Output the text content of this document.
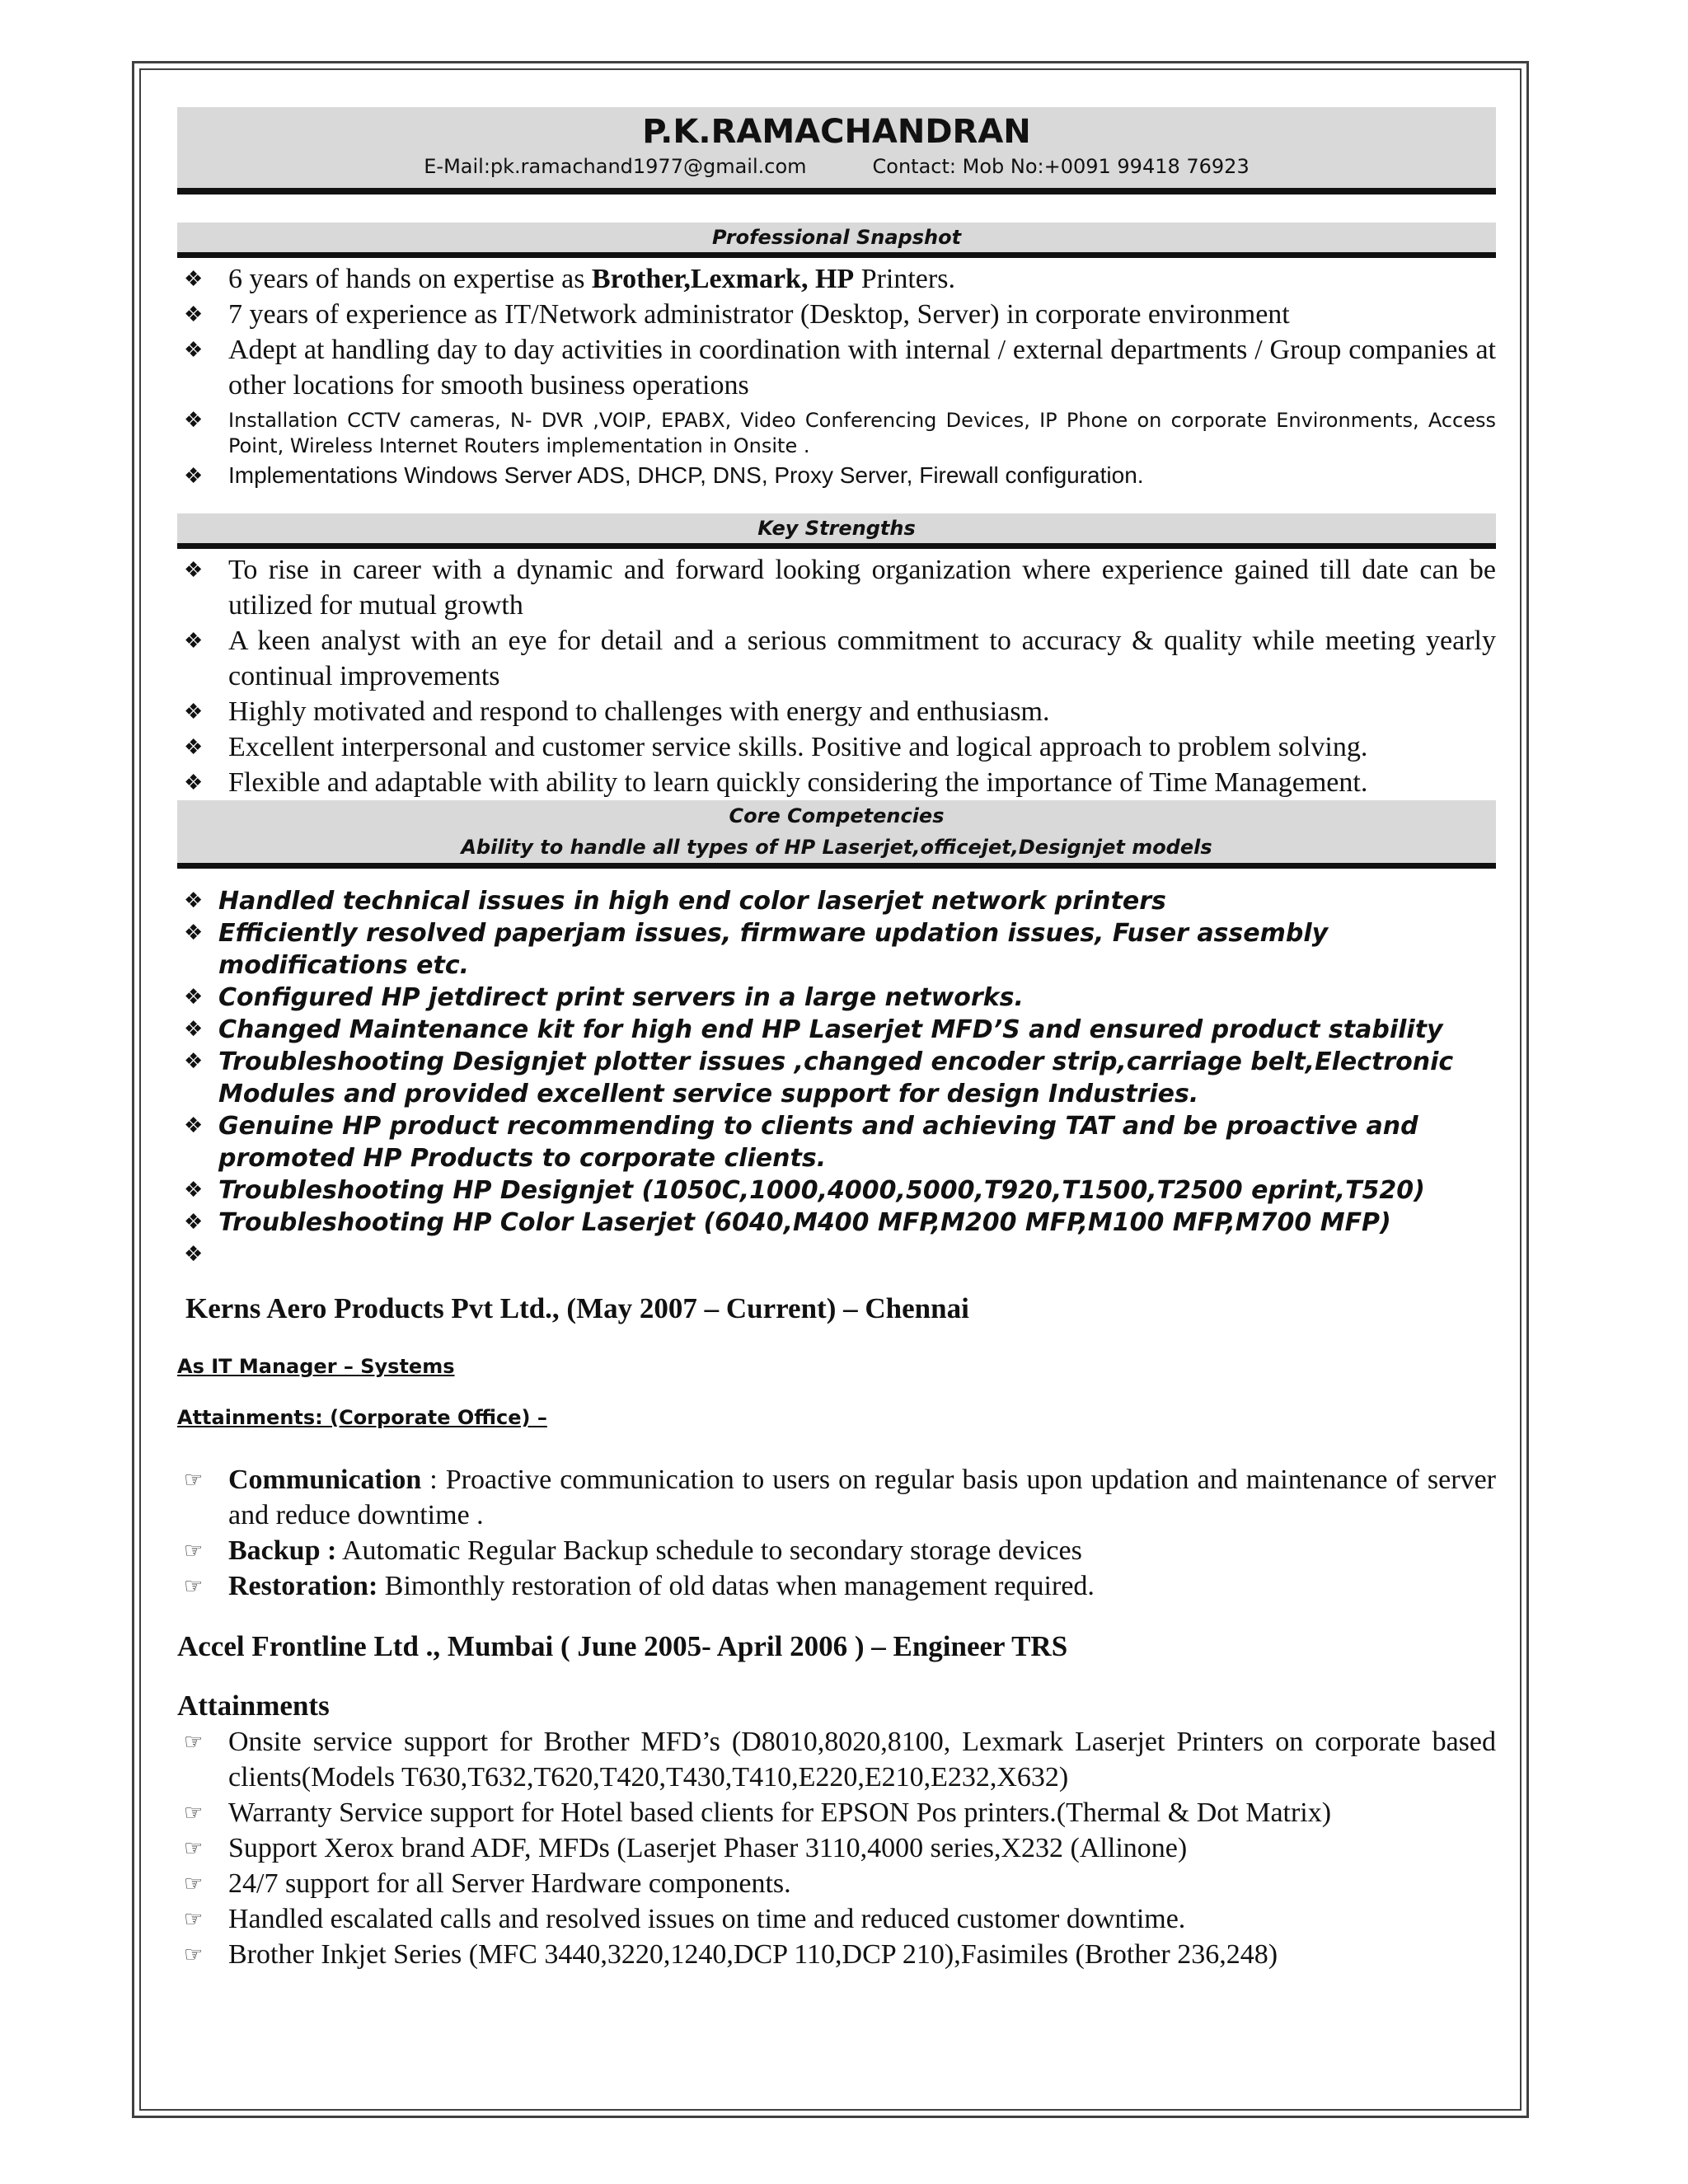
P.K.RAMACHANDRAN
E-Mail:pk.ramachand1977@gmail.com	Contact: Mob No:+0091 99418 76923
Professional Snapshot
❖ 6 years of hands on expertise as Brother,Lexmark, HP Printers.
❖ 7 years of experience as IT/Network administrator (Desktop, Server) in corporate environment
❖ Adept at handling day to day activities in coordination with internal / external departments / Group companies at other locations for smooth business operations
❖ Installation CCTV cameras, N- DVR ,VOIP, EPABX, Video Conferencing Devices, IP Phone on corporate Environments, Access Point, Wireless Internet Routers implementation in Onsite .
❖ Implementations Windows Server ADS, DHCP, DNS, Proxy Server, Firewall configuration.
Key Strengths
❖ To rise in career with a dynamic and forward looking organization where experience gained till date can be utilized for mutual growth
❖ A keen analyst with an eye for detail and a serious commitment to accuracy & quality while meeting yearly continual improvements
❖ Highly motivated and respond to challenges with energy and enthusiasm.
❖ Excellent interpersonal and customer service skills. Positive and logical approach to problem solving.
❖ Flexible and adaptable with ability to learn quickly considering the importance of Time Management.
Core Competencies
Ability to handle all types of HP Laserjet,officejet,Designjet models
❖ Handled technical issues in high end color laserjet network printers
❖ Efficiently resolved paperjam issues, firmware updation issues, Fuser assembly modifications etc.
❖ Configured HP jetdirect print servers in a large networks.
❖ Changed Maintenance kit for high end HP Laserjet MFD’S and ensured product stability
❖ Troubleshooting Designjet plotter issues ,changed encoder strip,carriage belt,Electronic Modules and provided excellent service support for design Industries.
❖ Genuine HP product recommending to clients and achieving TAT and be proactive and promoted HP Products to corporate clients.
❖ Troubleshooting HP Designjet (1050C,1000,4000,5000,T920,T1500,T2500 eprint,T520)
❖ Troubleshooting HP Color Laserjet (6040,M400 MFP,M200 MFP,M100 MFP,M700 MFP)
❖
Kerns Aero Products Pvt Ltd., (May 2007 – Current) – Chennai
As IT Manager – Systems
Attainments: (Corporate Office) –
☞ Communication : Proactive communication to users on regular basis upon updation and maintenance of server and reduce downtime .
☞ Backup : Automatic Regular Backup schedule to secondary storage devices
☞ Restoration: Bimonthly restoration of old datas when management required.
Accel Frontline Ltd ., Mumbai ( June 2005- April 2006 ) – Engineer TRS
Attainments
☞ Onsite service support for Brother MFD’s (D8010,8020,8100, Lexmark Laserjet Printers on corporate based clients(Models T630,T632,T620,T420,T430,T410,E220,E210,E232,X632)
☞ Warranty Service support for Hotel based clients for EPSON Pos printers.(Thermal & Dot Matrix)
☞ Support Xerox brand ADF, MFDs (Laserjet Phaser 3110,4000 series,X232 (Allinone)
☞ 24/7 support for all Server Hardware components.
☞ Handled escalated calls and resolved issues on time and reduced customer downtime.
☞ Brother Inkjet Series (MFC 3440,3220,1240,DCP 110,DCP 210),Fasimiles (Brother 236,248)
